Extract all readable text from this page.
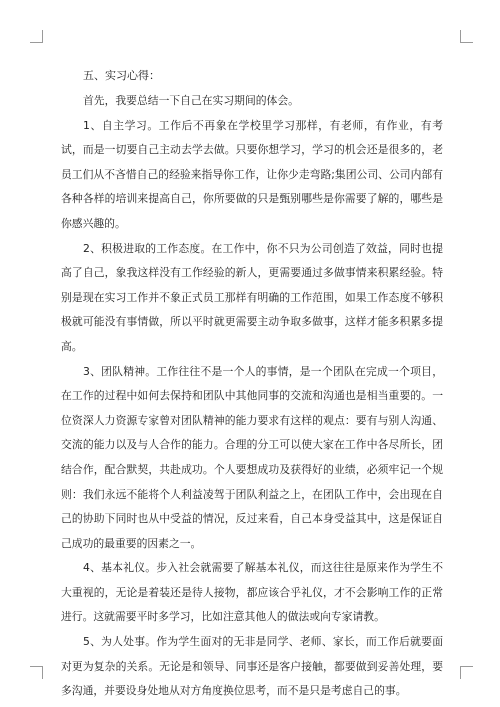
五、实习心得：

首先，我要总结一下自己在实习期间的体会。

1、自主学习。工作后不再象在学校里学习那样，有老师，有作业，有考试，而是一切要自己主动去学去做。只要你想学习，学习的机会还是很多的，老员工们从不吝惜自己的经验来指导你工作，让你少走弯路;集团公司、公司内部有各种各样的培训来提高自己，你所要做的只是甄别哪些是你需要了解的，哪些是你感兴趣的。

2、积极进取的工作态度。在工作中，你不只为公司创造了效益，同时也提高了自己，象我这样没有工作经验的新人，更需要通过多做事情来积累经验。特别是现在实习工作并不象正式员工那样有明确的工作范围，如果工作态度不够积极就可能没有事情做，所以平时就更需要主动争取多做事，这样才能多积累多提高。

3、团队精神。工作往往不是一个人的事情，是一个团队在完成一个项目，在工作的过程中如何去保持和团队中其他同事的交流和沟通也是相当重要的。一位资深人力资源专家曾对团队精神的能力要求有这样的观点：要有与别人沟通、交流的能力以及与人合作的能力。合理的分工可以使大家在工作中各尽所长，团结合作，配合默契，共赴成功。个人要想成功及获得好的业绩，必须牢记一个规则：我们永远不能将个人利益凌驾于团队利益之上，在团队工作中，会出现在自己的协助下同时也从中受益的情况，反过来看，自己本身受益其中，这是保证自己成功的最重要的因素之一。

4、基本礼仪。步入社会就需要了解基本礼仪，而这往往是原来作为学生不大重视的，无论是着装还是待人接物，都应该合乎礼仪，才不会影响工作的正常进行。这就需要平时多学习，比如注意其他人的做法或向专家请教。

5、为人处事。作为学生面对的无非是同学、老师、家长，而工作后就要面对更为复杂的关系。无论是和领导、同事还是客户接触，都要做到妥善处理，要多沟通，并要设身处地从对方角度换位思考，而不是只是考虑自己的事。
